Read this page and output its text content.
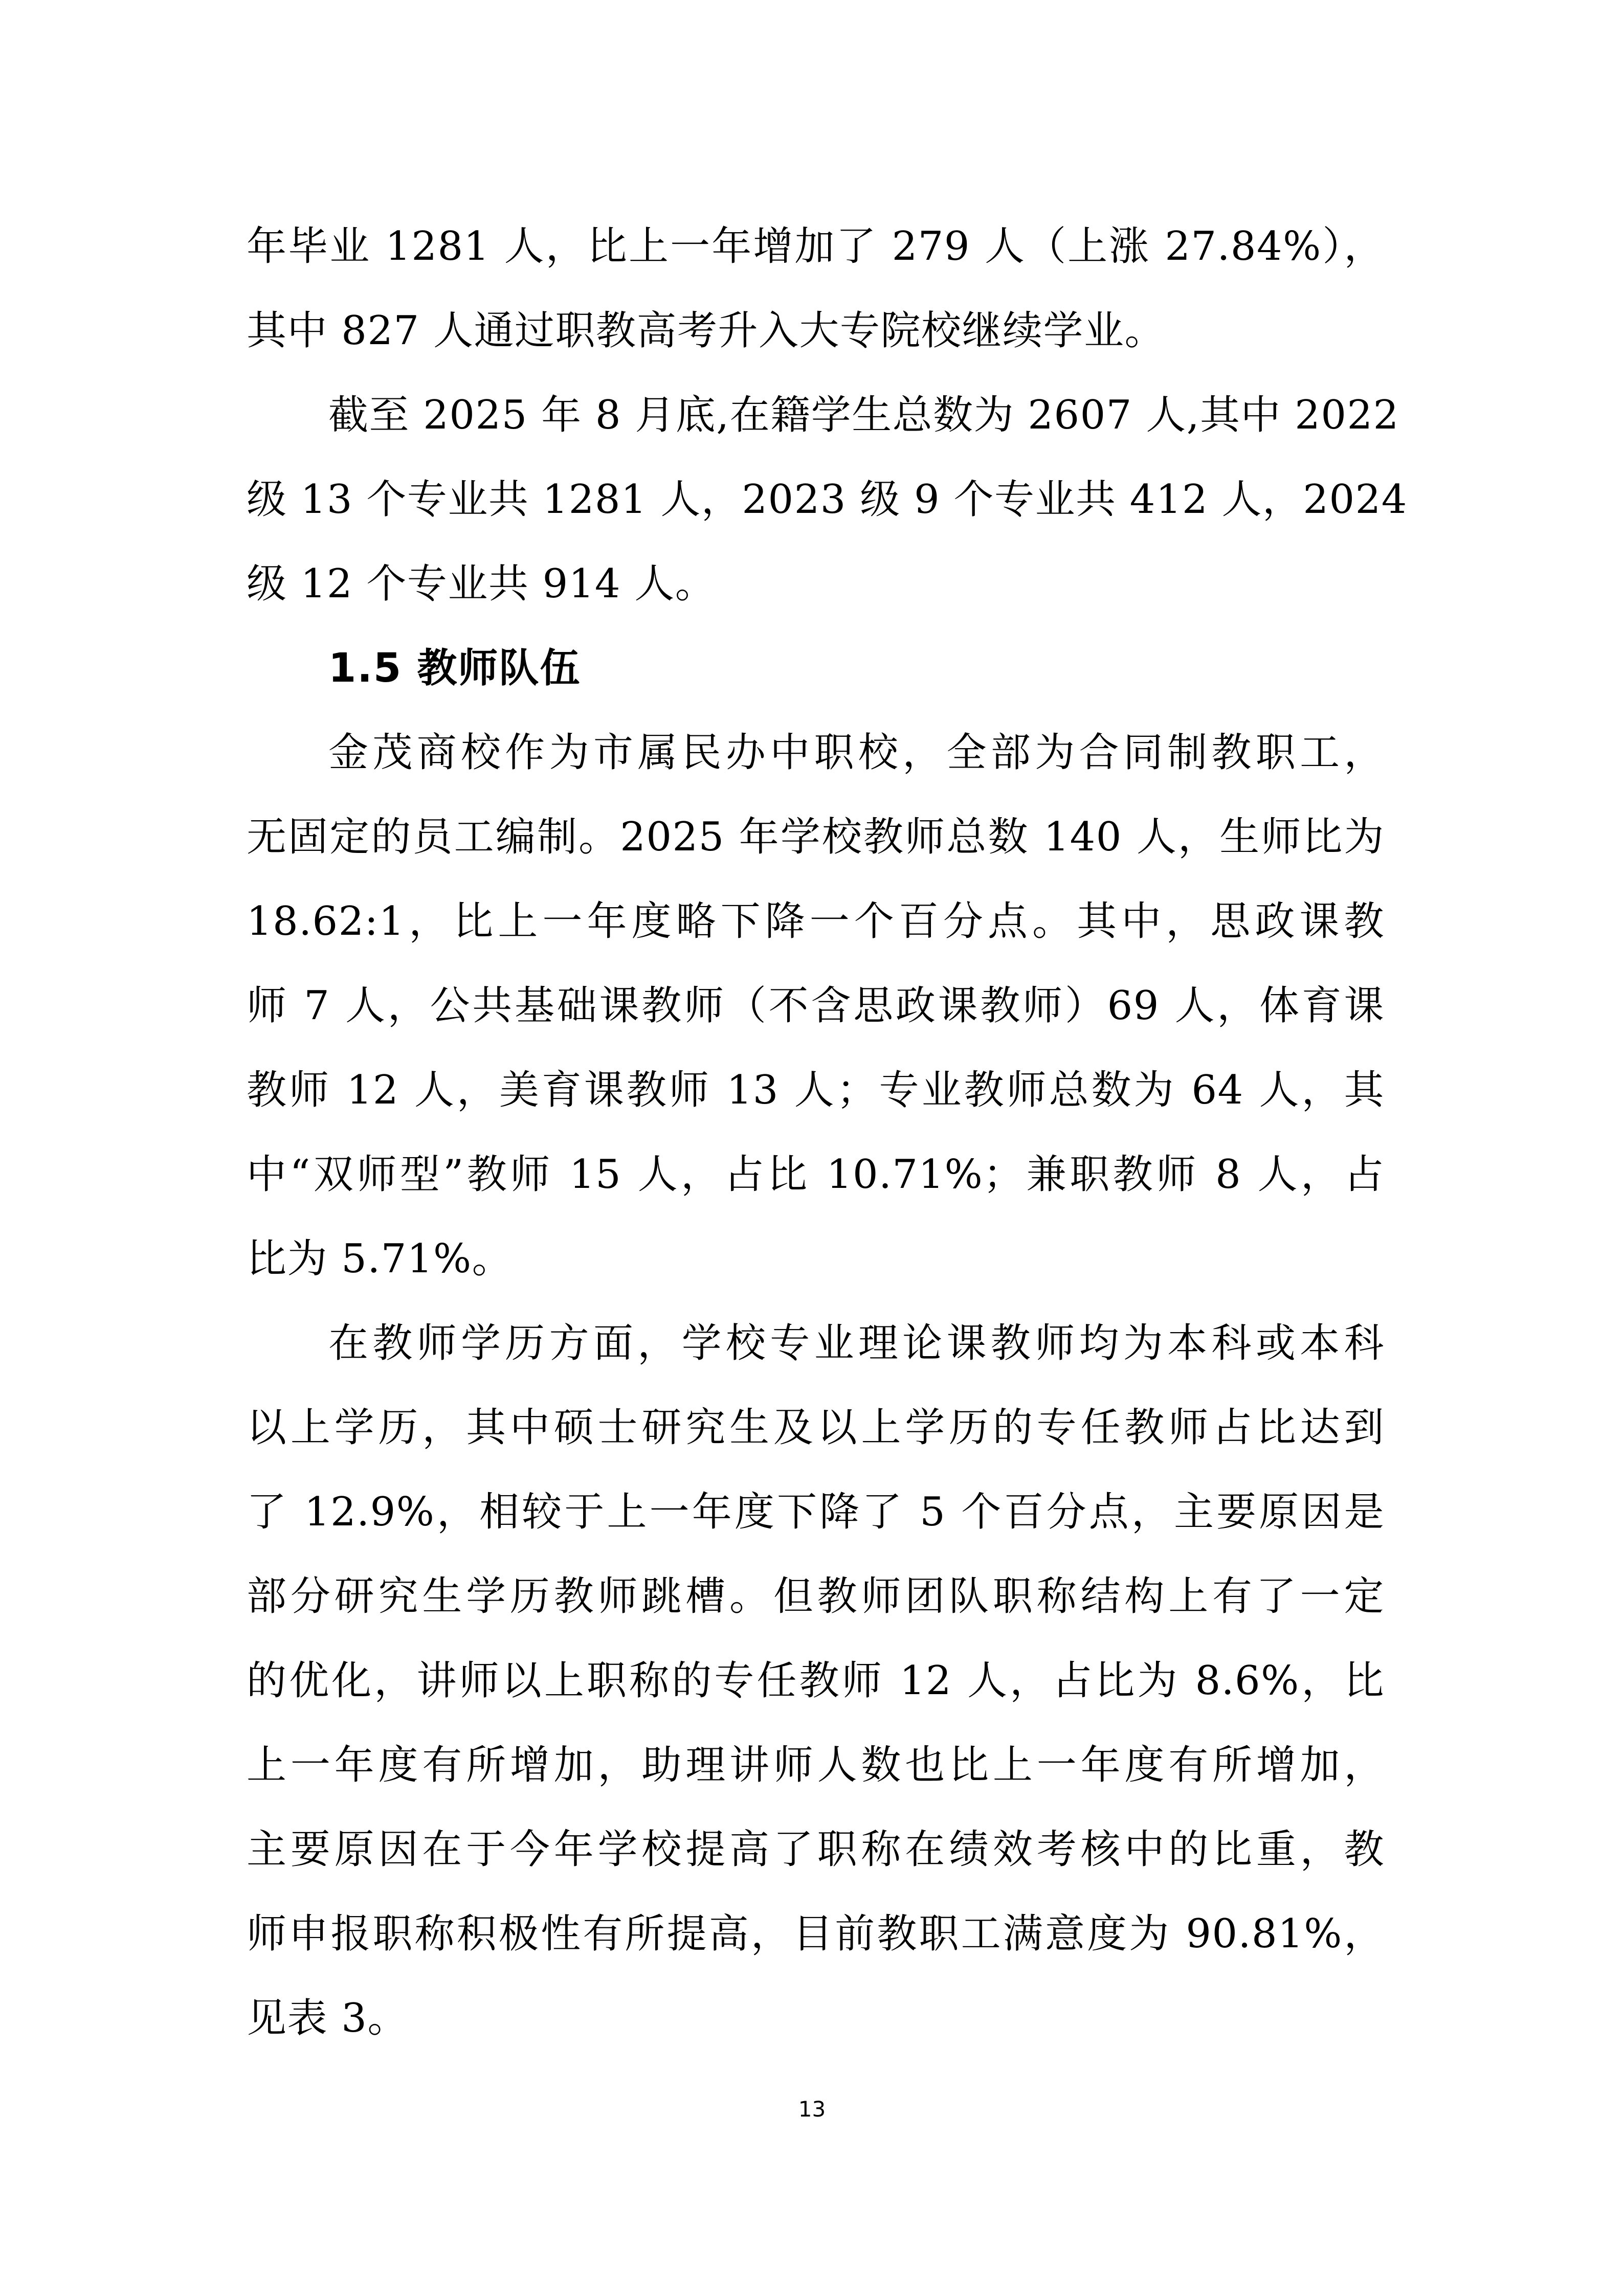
年毕业 1281 人，比上一年增加了 279 人（上涨 27.84%），
其中 827 人通过职教高考升入大专院校继续学业。
截至 2025 年 8 月底,在籍学生总数为 2607 人,其中 2022
级 13 个专业共 1281 人，2023 级 9 个专业共 412 人，2024
级 12 个专业共 914 人。
1.5 教师队伍
金茂商校作为市属民办中职校，全部为合同制教职工，
无固定的员工编制。2025 年学校教师总数 140 人，生师比为
18.62:1，比上一年度略下降一个百分点。其中，思政课教
师 7 人，公共基础课教师（不含思政课教师）69 人，体育课
教师 12 人，美育课教师 13 人；专业教师总数为 64 人，其
中“双师型”教师 15 人，占比 10.71%；兼职教师 8 人，占
比为 5.71%。
在教师学历方面，学校专业理论课教师均为本科或本科
以上学历，其中硕士研究生及以上学历的专任教师占比达到
了 12.9%，相较于上一年度下降了 5 个百分点，主要原因是
部分研究生学历教师跳槽。但教师团队职称结构上有了一定
的优化，讲师以上职称的专任教师 12 人，占比为 8.6%，比
上一年度有所增加，助理讲师人数也比上一年度有所增加，
主要原因在于今年学校提高了职称在绩效考核中的比重，教
师申报职称积极性有所提高，目前教职工满意度为 90.81%，
见表 3。
13
